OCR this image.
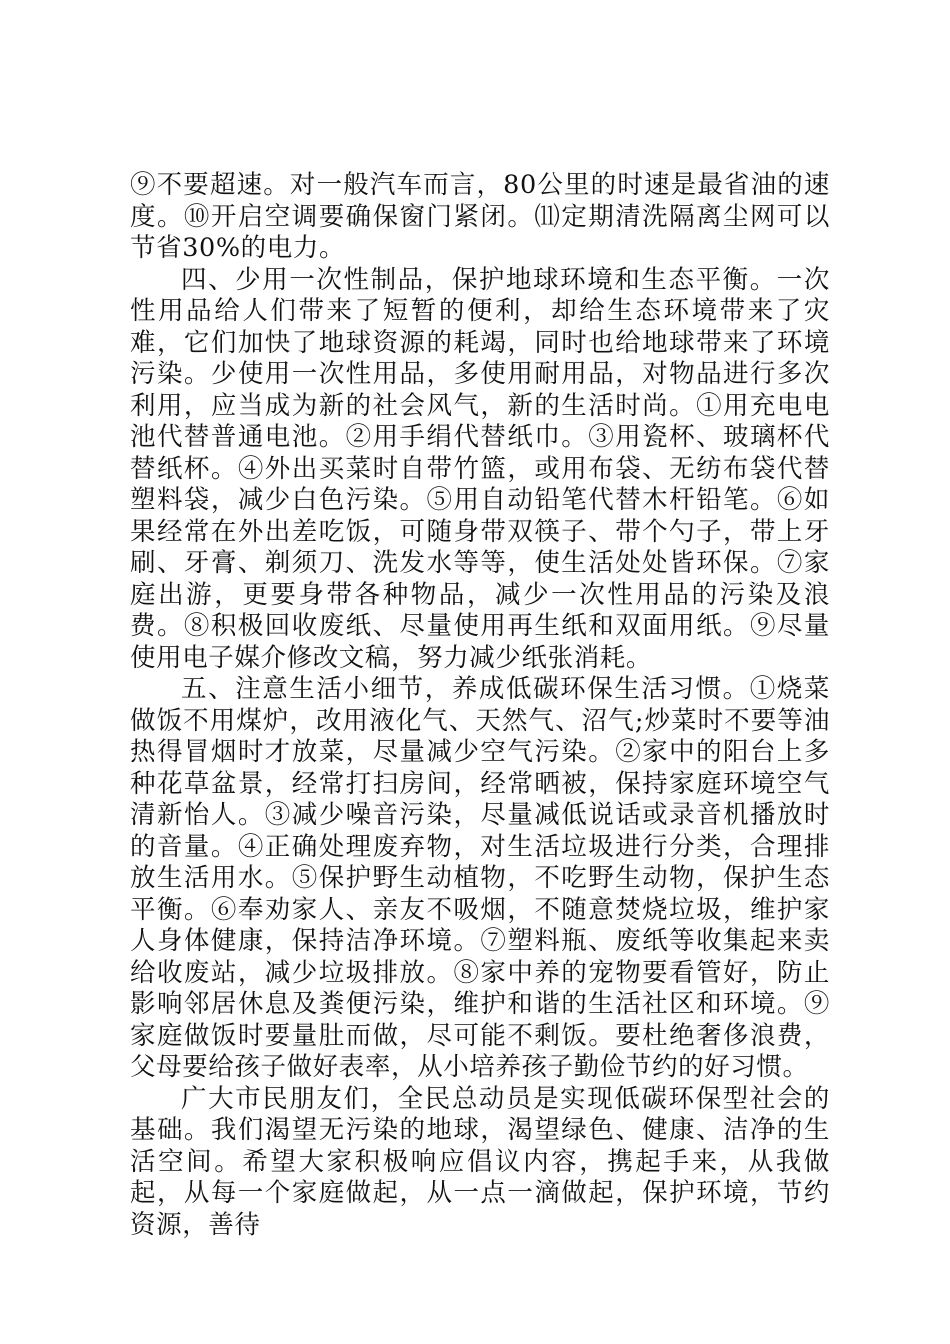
⑨不要超速。对一般汽车而言，80公里的时速是最省油的速度。⑩开启空调要确保窗门紧闭。⑾定期清洗隔离尘网可以节省30%的电力。

四、少用一次性制品，保护地球环境和生态平衡。一次性用品给人们带来了短暂的便利，却给生态环境带来了灾难，它们加快了地球资源的耗竭，同时也给地球带来了环境污染。少使用一次性用品，多使用耐用品，对物品进行多次利用，应当成为新的社会风气，新的生活时尚。①用充电电池代替普通电池。②用手绢代替纸巾。③用瓷杯、玻璃杯代替纸杯。④外出买菜时自带竹篮，或用布袋、无纺布袋代替塑料袋，减少白色污染。⑤用自动铅笔代替木杆铅笔。⑥如果经常在外出差吃饭，可随身带双筷子、带个勺子，带上牙刷、牙膏、剃须刀、洗发水等等，使生活处处皆环保。⑦家庭出游，更要身带各种物品，减少一次性用品的污染及浪费。⑧积极回收废纸、尽量使用再生纸和双面用纸。⑨尽量使用电子媒介修改文稿，努力减少纸张消耗。

五、注意生活小细节，养成低碳环保生活习惯。①烧菜做饭不用煤炉，改用液化气、天然气、沼气;炒菜时不要等油热得冒烟时才放菜，尽量减少空气污染。②家中的阳台上多种花草盆景，经常打扫房间，经常晒被，保持家庭环境空气清新怡人。③减少噪音污染，尽量减低说话或录音机播放时的音量。④正确处理废弃物，对生活垃圾进行分类，合理排放生活用水。⑤保护野生动植物，不吃野生动物，保护生态平衡。⑥奉劝家人、亲友不吸烟，不随意焚烧垃圾，维护家人身体健康，保持洁净环境。⑦塑料瓶、废纸等收集起来卖给收废站，减少垃圾排放。⑧家中养的宠物要看管好，防止影响邻居休息及粪便污染，维护和谐的生活社区和环境。⑨家庭做饭时要量肚而做，尽可能不剩饭。要杜绝奢侈浪费，父母要给孩子做好表率，从小培养孩子勤俭节约的好习惯。

广大市民朋友们，全民总动员是实现低碳环保型社会的基础。我们渴望无污染的地球，渴望绿色、健康、洁净的生活空间。希望大家积极响应倡议内容，携起手来，从我做起，从每一个家庭做起，从一点一滴做起，保护环境，节约资源，善待
